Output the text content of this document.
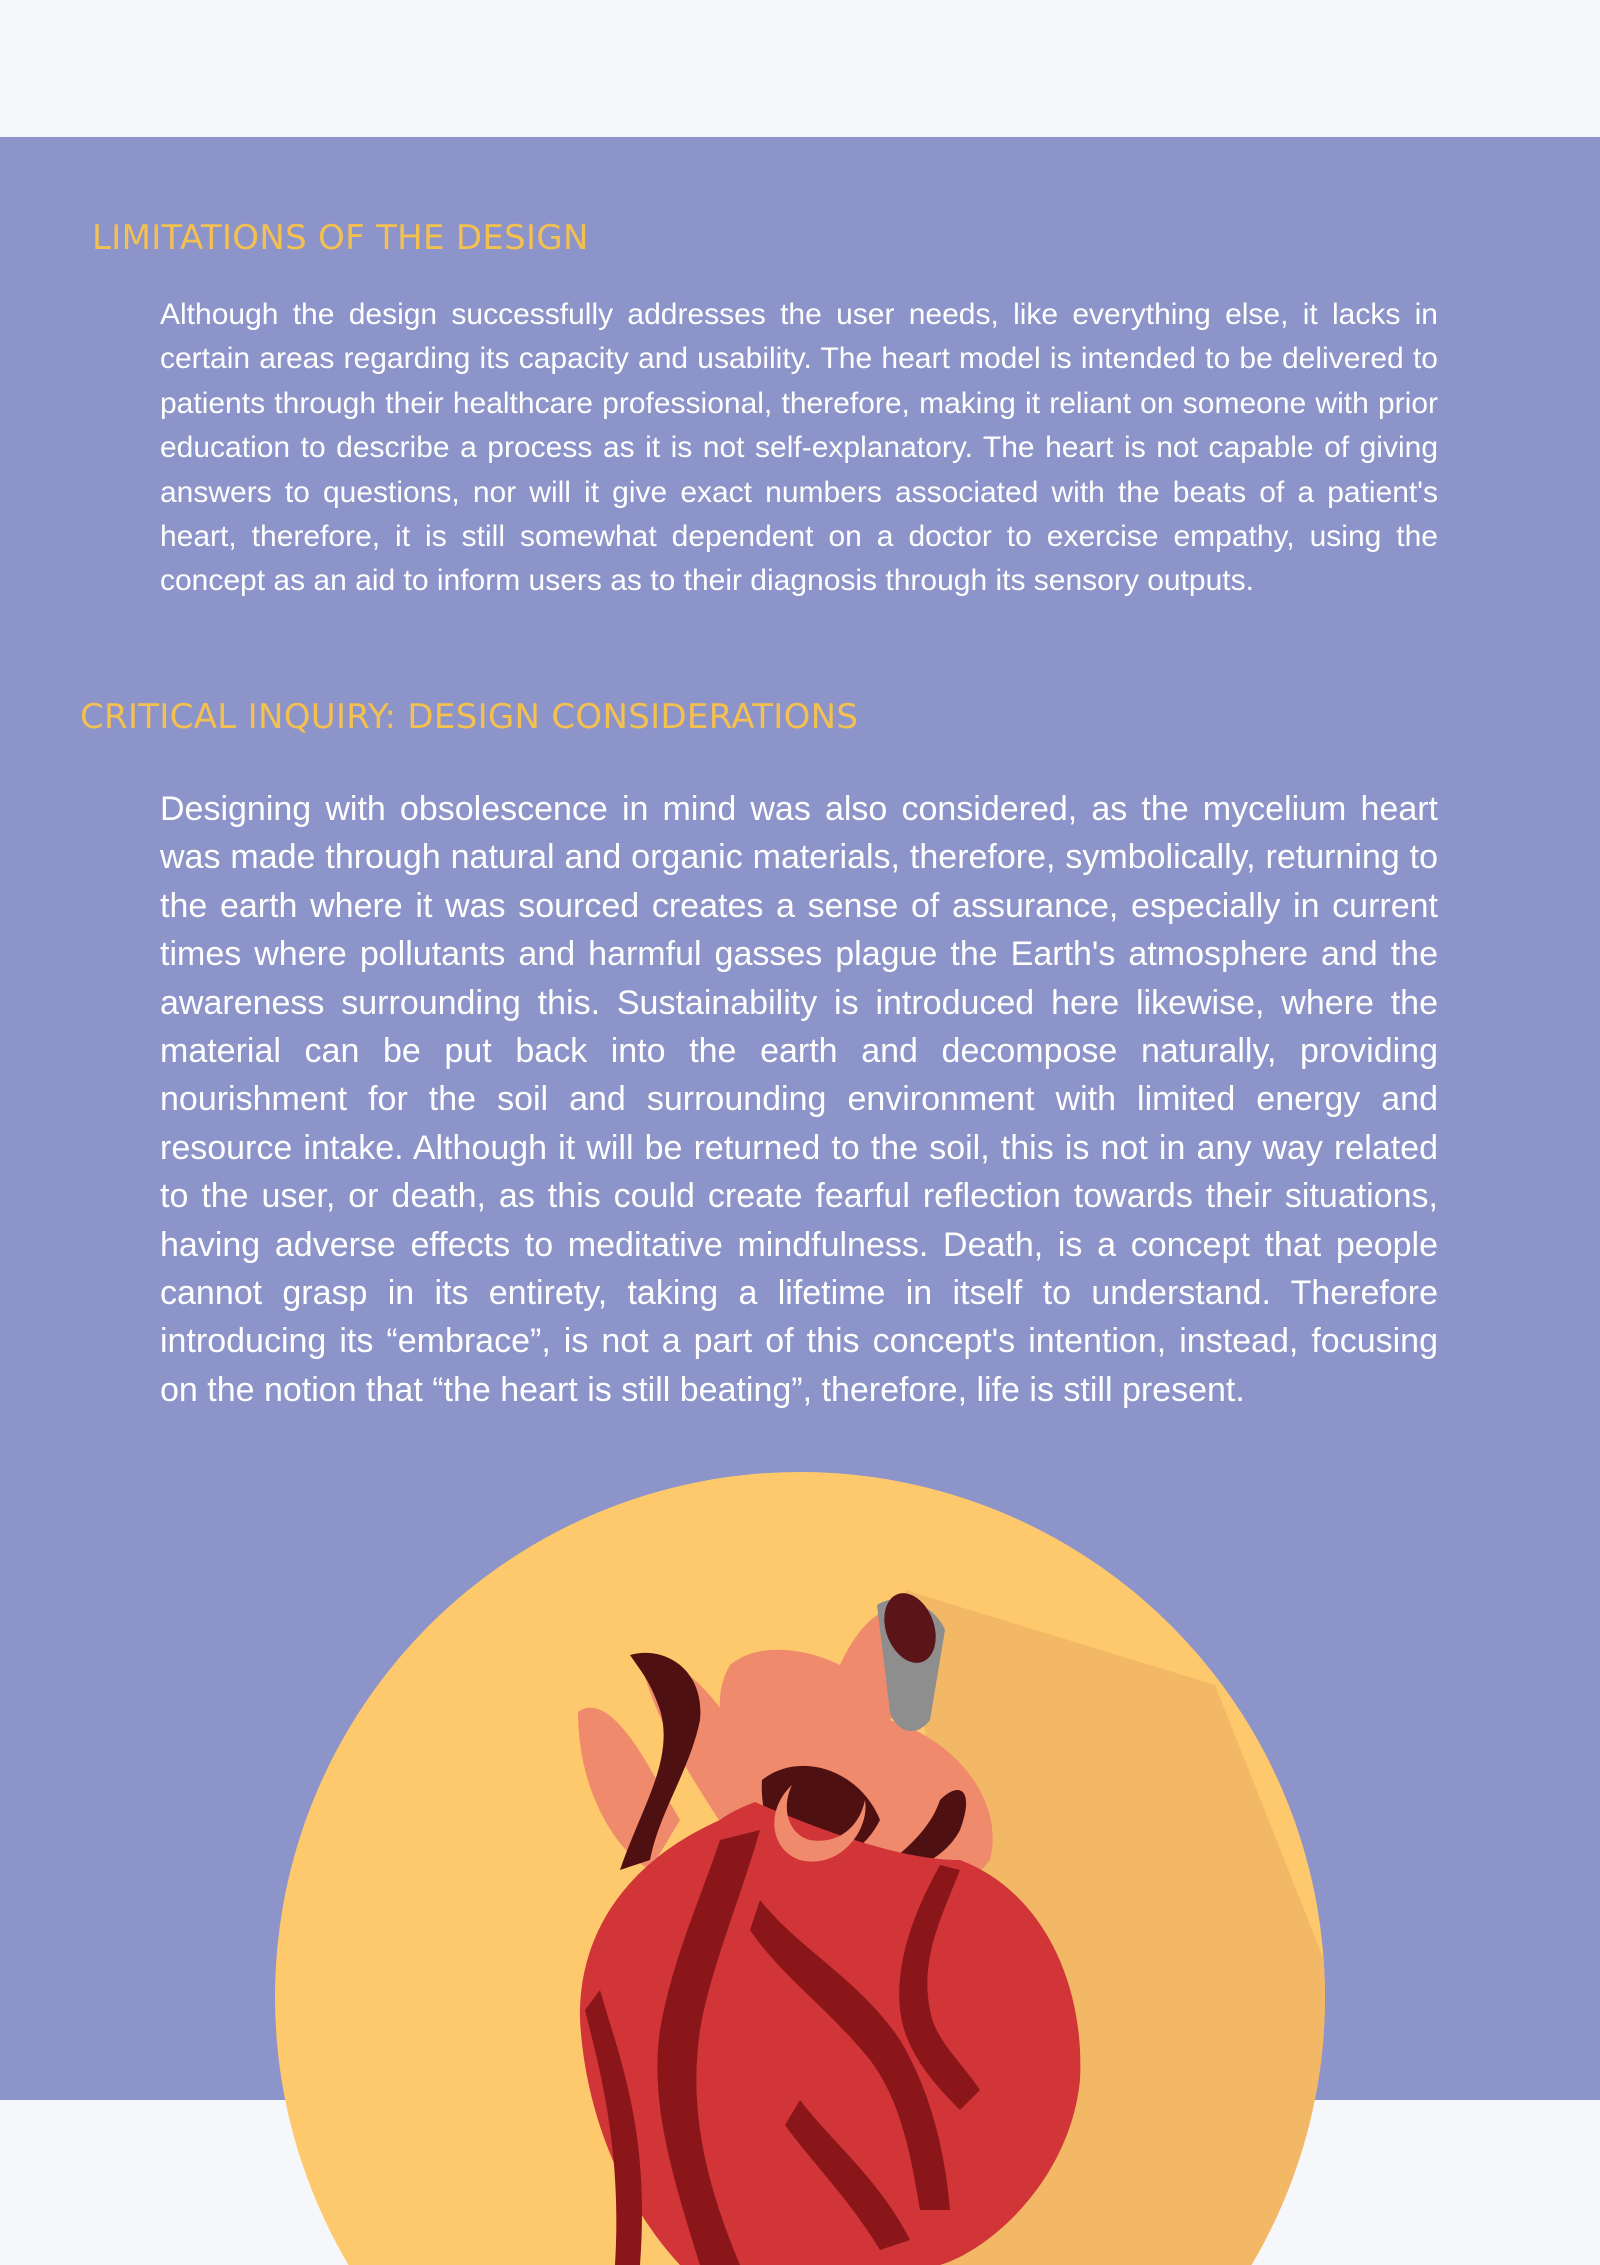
LIMITATIONS OF THE DESIGN

Although the design successfully addresses the user needs, like everything else, it lacks in certain areas regarding its capacity and usability. The heart model is intended to be delivered to patients through their healthcare professional, therefore, making it reliant on someone with prior education to describe a process as it is not self-explanatory. The heart is not capable of giving answers to questions, nor will it give exact numbers associated with the beats of a patient's heart, therefore, it is still somewhat dependent on a doctor to exercise empathy, using the concept as an aid to inform users as to their diagnosis through its sensory outputs.

CRITICAL INQUIRY: DESIGN CONSIDERATIONS

Designing with obsolescence in mind was also considered, as the mycelium heart was made through natural and organic materials, therefore, symbolically, returning to the earth where it was sourced creates a sense of assurance, especially in current times where pollutants and harmful gasses plague the Earth's atmosphere and the awareness surrounding this. Sustainability is introduced here likewise, where the material can be put back into the earth and decompose naturally, providing nourishment for the soil and surrounding environment with limited energy and resource intake. Although it will be returned to the soil, this is not in any way related to the user, or death, as this could create fearful reflection towards their situations, having adverse effects to meditative mindfulness. Death, is a concept that people cannot grasp in its entirety, taking a lifetime in itself to understand. Therefore introducing its “embrace”, is not a part of this concept's intention, instead, focusing on the notion that “the heart is still beating”, therefore, life is still present.
